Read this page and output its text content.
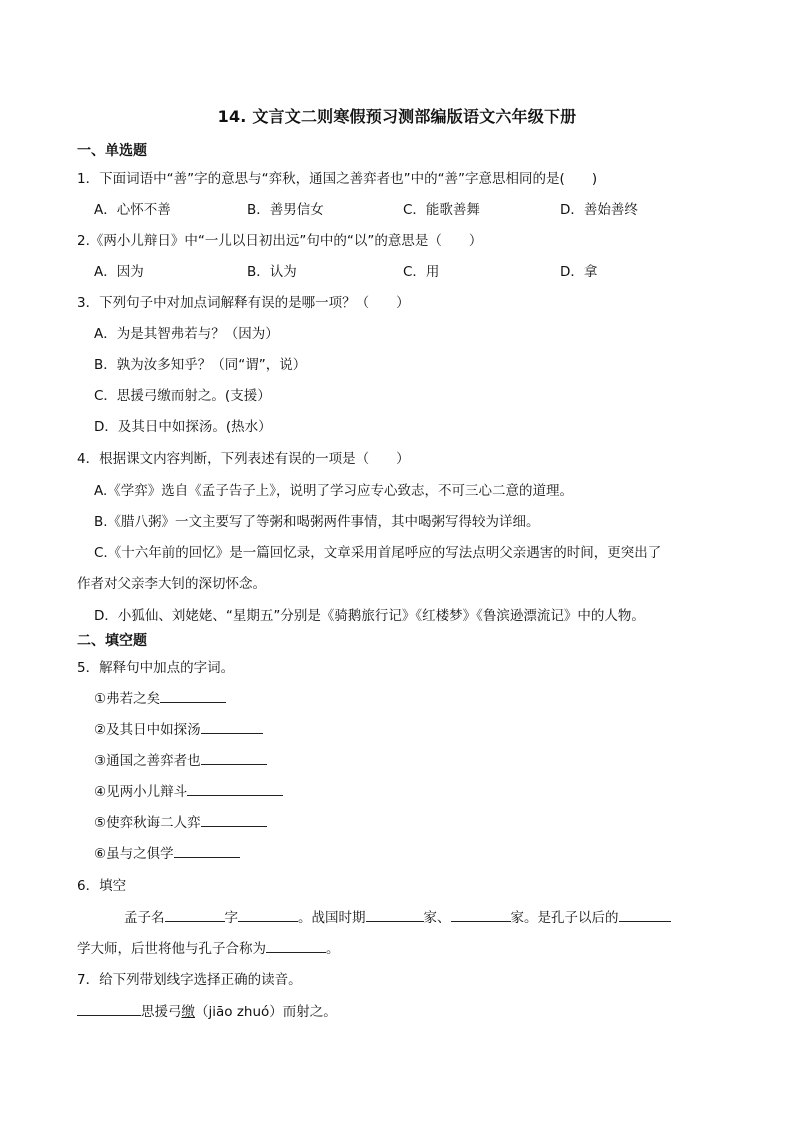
14. 文言文二则寒假预习测部编版语文六年级下册
一、单选题
1．下面词语中“善”字的意思与“弈秋，通国之善弈者也”中的“善”字意思相同的是(　　)
A．心怀不善	B．善男信女	C．能歌善舞	D．善始善终
2.《两小儿辩日》中“一儿以日初出远”句中的“以”的意思是（　　）
A．因为	B．认为	C．用	D．拿
3．下列句子中对加点词解释有误的是哪一项？（　　）
A．为是其智弗若与？（因为）
B．孰为汝多知乎？（同“谓”，说）
C．思援弓缴而射之。(支援）
D．及其日中如探汤。(热水）
4．根据课文内容判断，下列表述有误的一项是（　　）
A.《学弈》选自《孟子告子上》，说明了学习应专心致志，不可三心二意的道理。
B.《腊八粥》一文主要写了等粥和喝粥两件事情，其中喝粥写得较为详细。
C.《十六年前的回忆》是一篇回忆录，文章采用首尾呼应的写法点明父亲遇害的时间，更突出了
作者对父亲李大钊的深切怀念。
D．小狐仙、刘姥姥、“星期五”分别是《骑鹅旅行记》《红楼梦》《鲁滨逊漂流记》中的人物。
二、填空题
5．解释句中加点的字词。
①弗若之矣
②及其日中如探汤
③通国之善弈者也
④见两小儿辩斗
⑤使弈秋诲二人弈
⑥虽与之俱学
6．填空
孟子名	字	。战国时期	家、	家。是孔子以后的
学大师，后世将他与孔子合称为	。
7．给下列带划线字选择正确的读音。
思援弓缴（jiāo zhuó）而射之。
